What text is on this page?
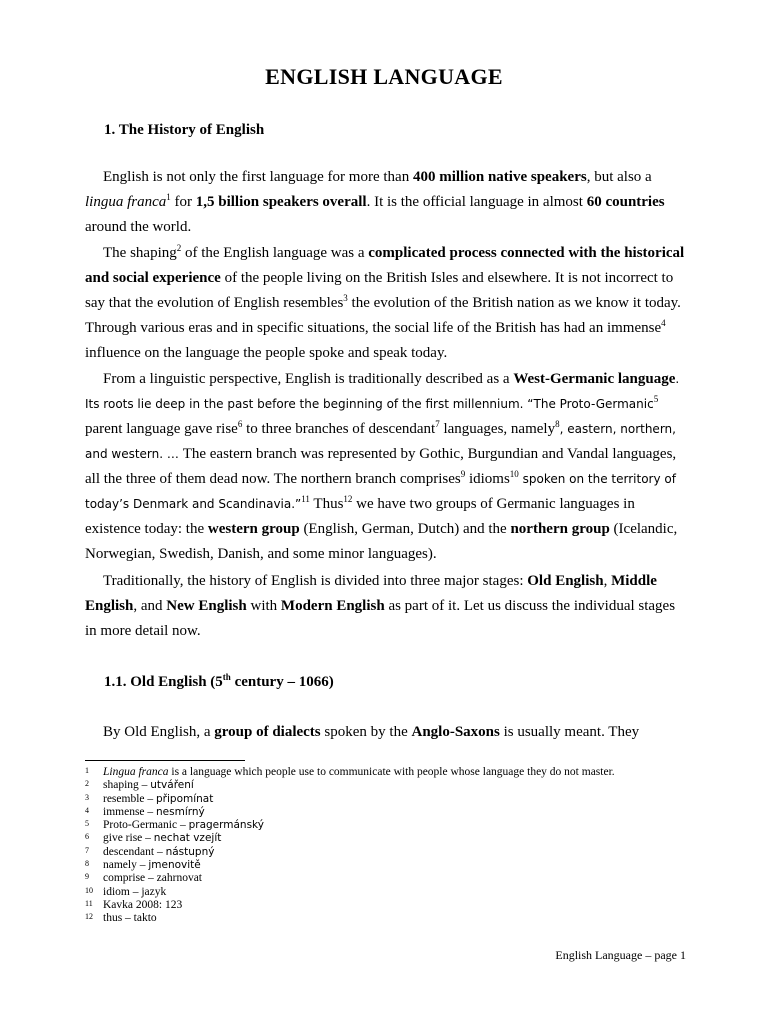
ENGLISH LANGUAGE
1. The History of English

English is not only the first language for more than 400 million native speakers, but also a lingua franca$^1$ for 1,5 billion speakers overall. It is the official language in almost 60 countries around the world.

The shaping$^2$ of the English language was a complicated process connected with the historical and social experience of the people living on the British Isles and elsewhere. It is not incorrect to say that the evolution of English resembles$^3$ the evolution of the British nation as we know it today. Through various eras and in specific situations, the social life of the British has had an immense$^4$ influence on the language the people spoke and speak today.

From a linguistic perspective, English is traditionally described as a West-Germanic language. Its roots lie deep in the past before the beginning of the first millennium. “The Proto-Germanic$^5$ parent language gave rise$^6$ to three branches of descendant$^7$ languages, namely$^8$, eastern, northern, and western. … The eastern branch was represented by Gothic, Burgundian and Vandal languages, all the three of them dead now. The northern branch comprises$^9$ idioms$^{10}$ spoken on the territory of today’s Denmark and Scandinavia.”$^{11}$ Thus$^{12}$ we have two groups of Germanic languages in existence today: the western group (English, German, Dutch) and the northern group (Icelandic, Norwegian, Swedish, Danish, and some minor languages).

Traditionally, the history of English is divided into three major stages: Old English, Middle English, and New English with Modern English as part of it. Let us discuss the individual stages in more detail now.

1.1. Old English (5th century – 1066)

By Old English, a group of dialects spoken by the Anglo-Saxons is usually meant. They

1	Lingua franca is a language which people use to communicate with people whose language they do not master.
2	shaping – utváření
3	resemble – připomínat
4	immense – nesmírný
5	Proto-Germanic – pragermánský
6	give rise – nechat vzejít
7	descendant – nástupný
8	namely – jmenovitě
9	comprise – zahrnovat
10 idiom – jazyk
11 Kavka 2008: 123
12 thus – takto
English Language – page 1
